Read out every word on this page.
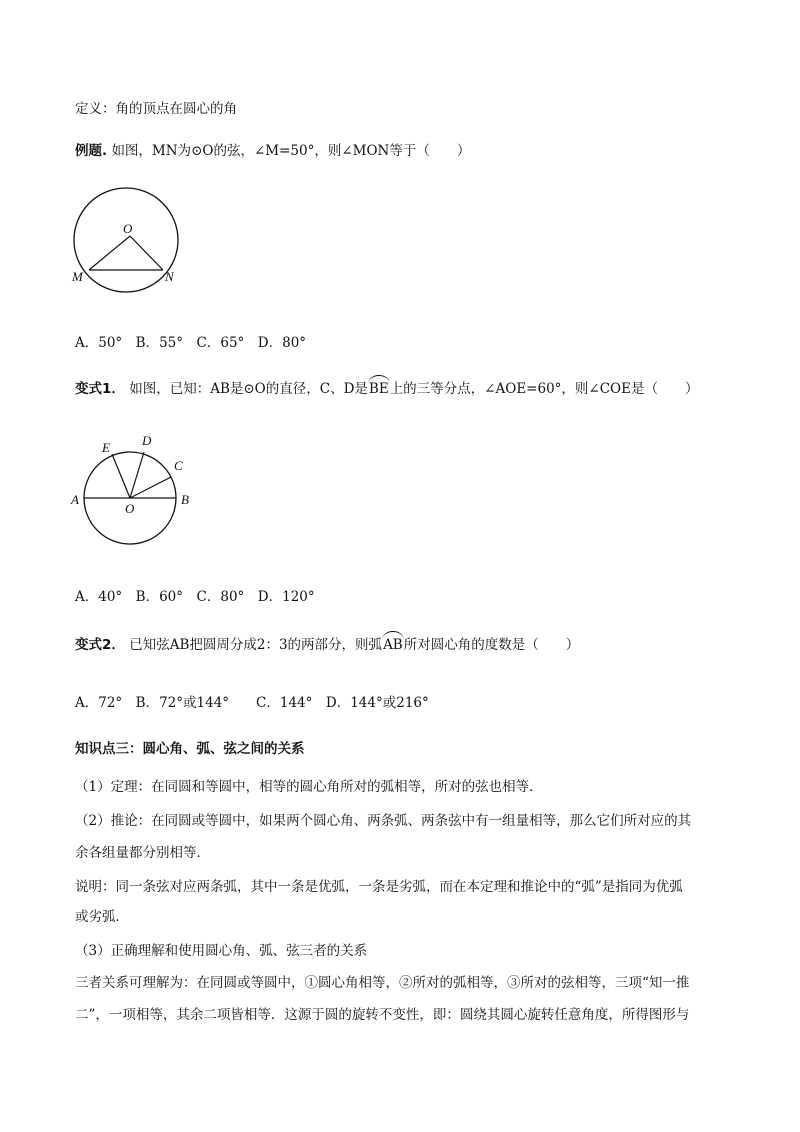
定义：角的顶点在圆心的角
例题. 如图，MN为⊙O的弦，∠M=50°，则∠MON等于（　　）
O
M	N
A．50°　B．55°　C．65°　D．80°
变式1． 如图，已知：AB是⊙O的直径，C、D是BE上的三等分点，∠AOE=60°，则∠COE是（　　）
E D
C
A
O
B
A．40°　B．60°　C．80°　D．120°
变式2． 已知弦AB把圆周分成2：3的两部分，则弧AB所对圆心角的度数是（　　）
A．72°　B．72°或144°　　C．144°　D．144°或216°
知识点三：圆心角、弧、弦之间的关系
（1）定理：在同圆和等圆中，相等的圆心角所对的弧相等，所对的弦也相等．
（2）推论：在同圆或等圆中，如果两个圆心角、两条弧、两条弦中有一组量相等，那么它们所对应的其
余各组量都分别相等．
说明：同一条弦对应两条弧，其中一条是优弧，一条是劣弧，而在本定理和推论中的“弧”是指同为优弧
或劣弧．
（3）正确理解和使用圆心角、弧、弦三者的关系
三者关系可理解为：在同圆或等圆中，①圆心角相等，②所对的弧相等，③所对的弦相等，三项“知一推
二”，一项相等，其余二项皆相等．这源于圆的旋转不变性，即：圆绕其圆心旋转任意角度，所得图形与
